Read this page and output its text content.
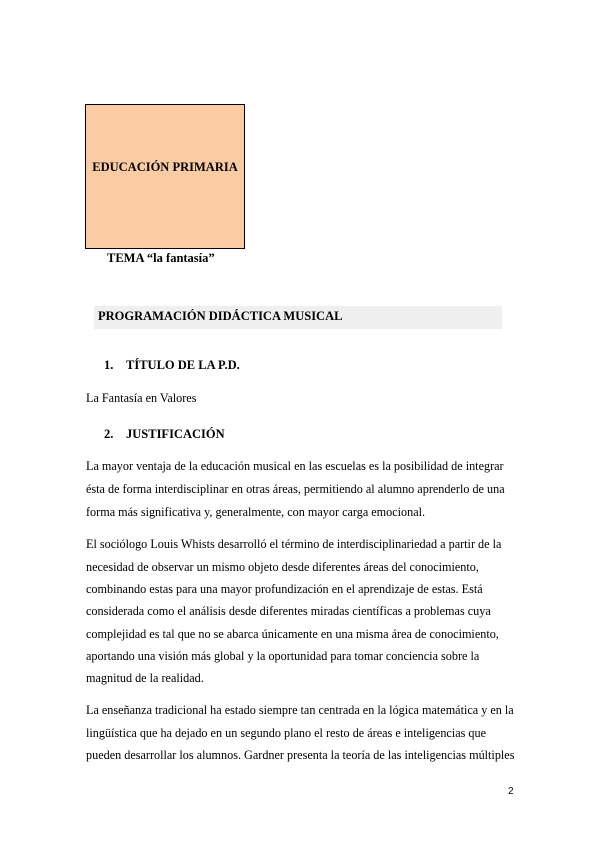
EDUCACIÓN PRIMARIA
TEMA “la fantasía”
PROGRAMACIÓN DIDÁCTICA MUSICAL
1. TÍTULO DE LA P.D.
La Fantasía en Valores
2. JUSTIFICACIÓN
La mayor ventaja de la educación musical en las escuelas es la posibilidad de integrar
ésta de forma interdisciplinar en otras áreas, permitiendo al alumno aprenderlo de una
forma más significativa y, generalmente, con mayor carga emocional.
El sociólogo Louis Whists desarrolló el término de interdisciplinariedad a partir de la
necesidad de observar un mismo objeto desde diferentes áreas del conocimiento,
combinando estas para una mayor profundización en el aprendizaje de estas. Está
considerada como el análisis desde diferentes miradas científicas a problemas cuya
complejidad es tal que no se abarca únicamente en una misma área de conocimiento,
aportando una visión más global y la oportunidad para tomar conciencia sobre la
magnitud de la realidad.
La enseñanza tradicional ha estado siempre tan centrada en la lógica matemática y en la
lingüística que ha dejado en un segundo plano el resto de áreas e inteligencias que
pueden desarrollar los alumnos. Gardner presenta la teoría de las inteligencias múltiples
2
